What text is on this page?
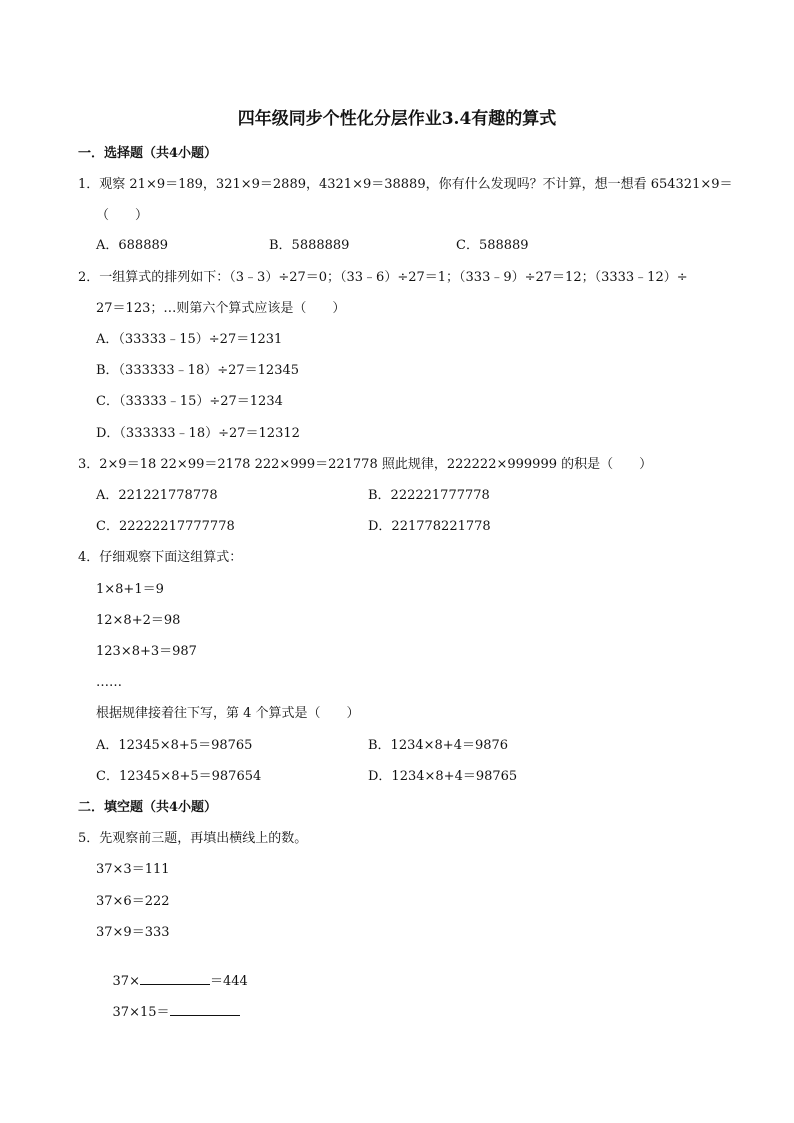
四年级同步个性化分层作业3.4有趣的算式
一．选择题（共4小题）
1．观察 21×9＝189，321×9＝2889，4321×9＝38889，你有什么发现吗？不计算，想一想看 654321×9＝
（　　）
A．688889	B．5888889	C．588889
2．一组算式的排列如下：（3﹣3）÷27＝0；（33﹣6）÷27＝1；（333﹣9）÷27＝12；（3333﹣12）÷
27＝123；…则第六个算式应该是（　　）
A．（33333﹣15）÷27＝1231
B．（333333﹣18）÷27＝12345
C．（33333﹣15）÷27＝1234
D．（333333﹣18）÷27＝12312
3．2×9＝18 22×99＝2178 222×999＝221778 照此规律，222222×999999 的积是（　　）
A．221221778778	B．222221777778
C．22222217777778	D．221778221778
4．仔细观察下面这组算式：
1×8+1＝9
12×8+2＝98
123×8+3＝987
……
根据规律接着往下写，第 4 个算式是（　　）
A．12345×8+5＝98765	B．1234×8+4＝9876
C．12345×8+5＝987654	D．1234×8+4＝98765
二．填空题（共4小题）
5．先观察前三题，再填出横线上的数。
37×3＝111
37×6＝222
37×9＝333

37×	＝444

37×15＝
